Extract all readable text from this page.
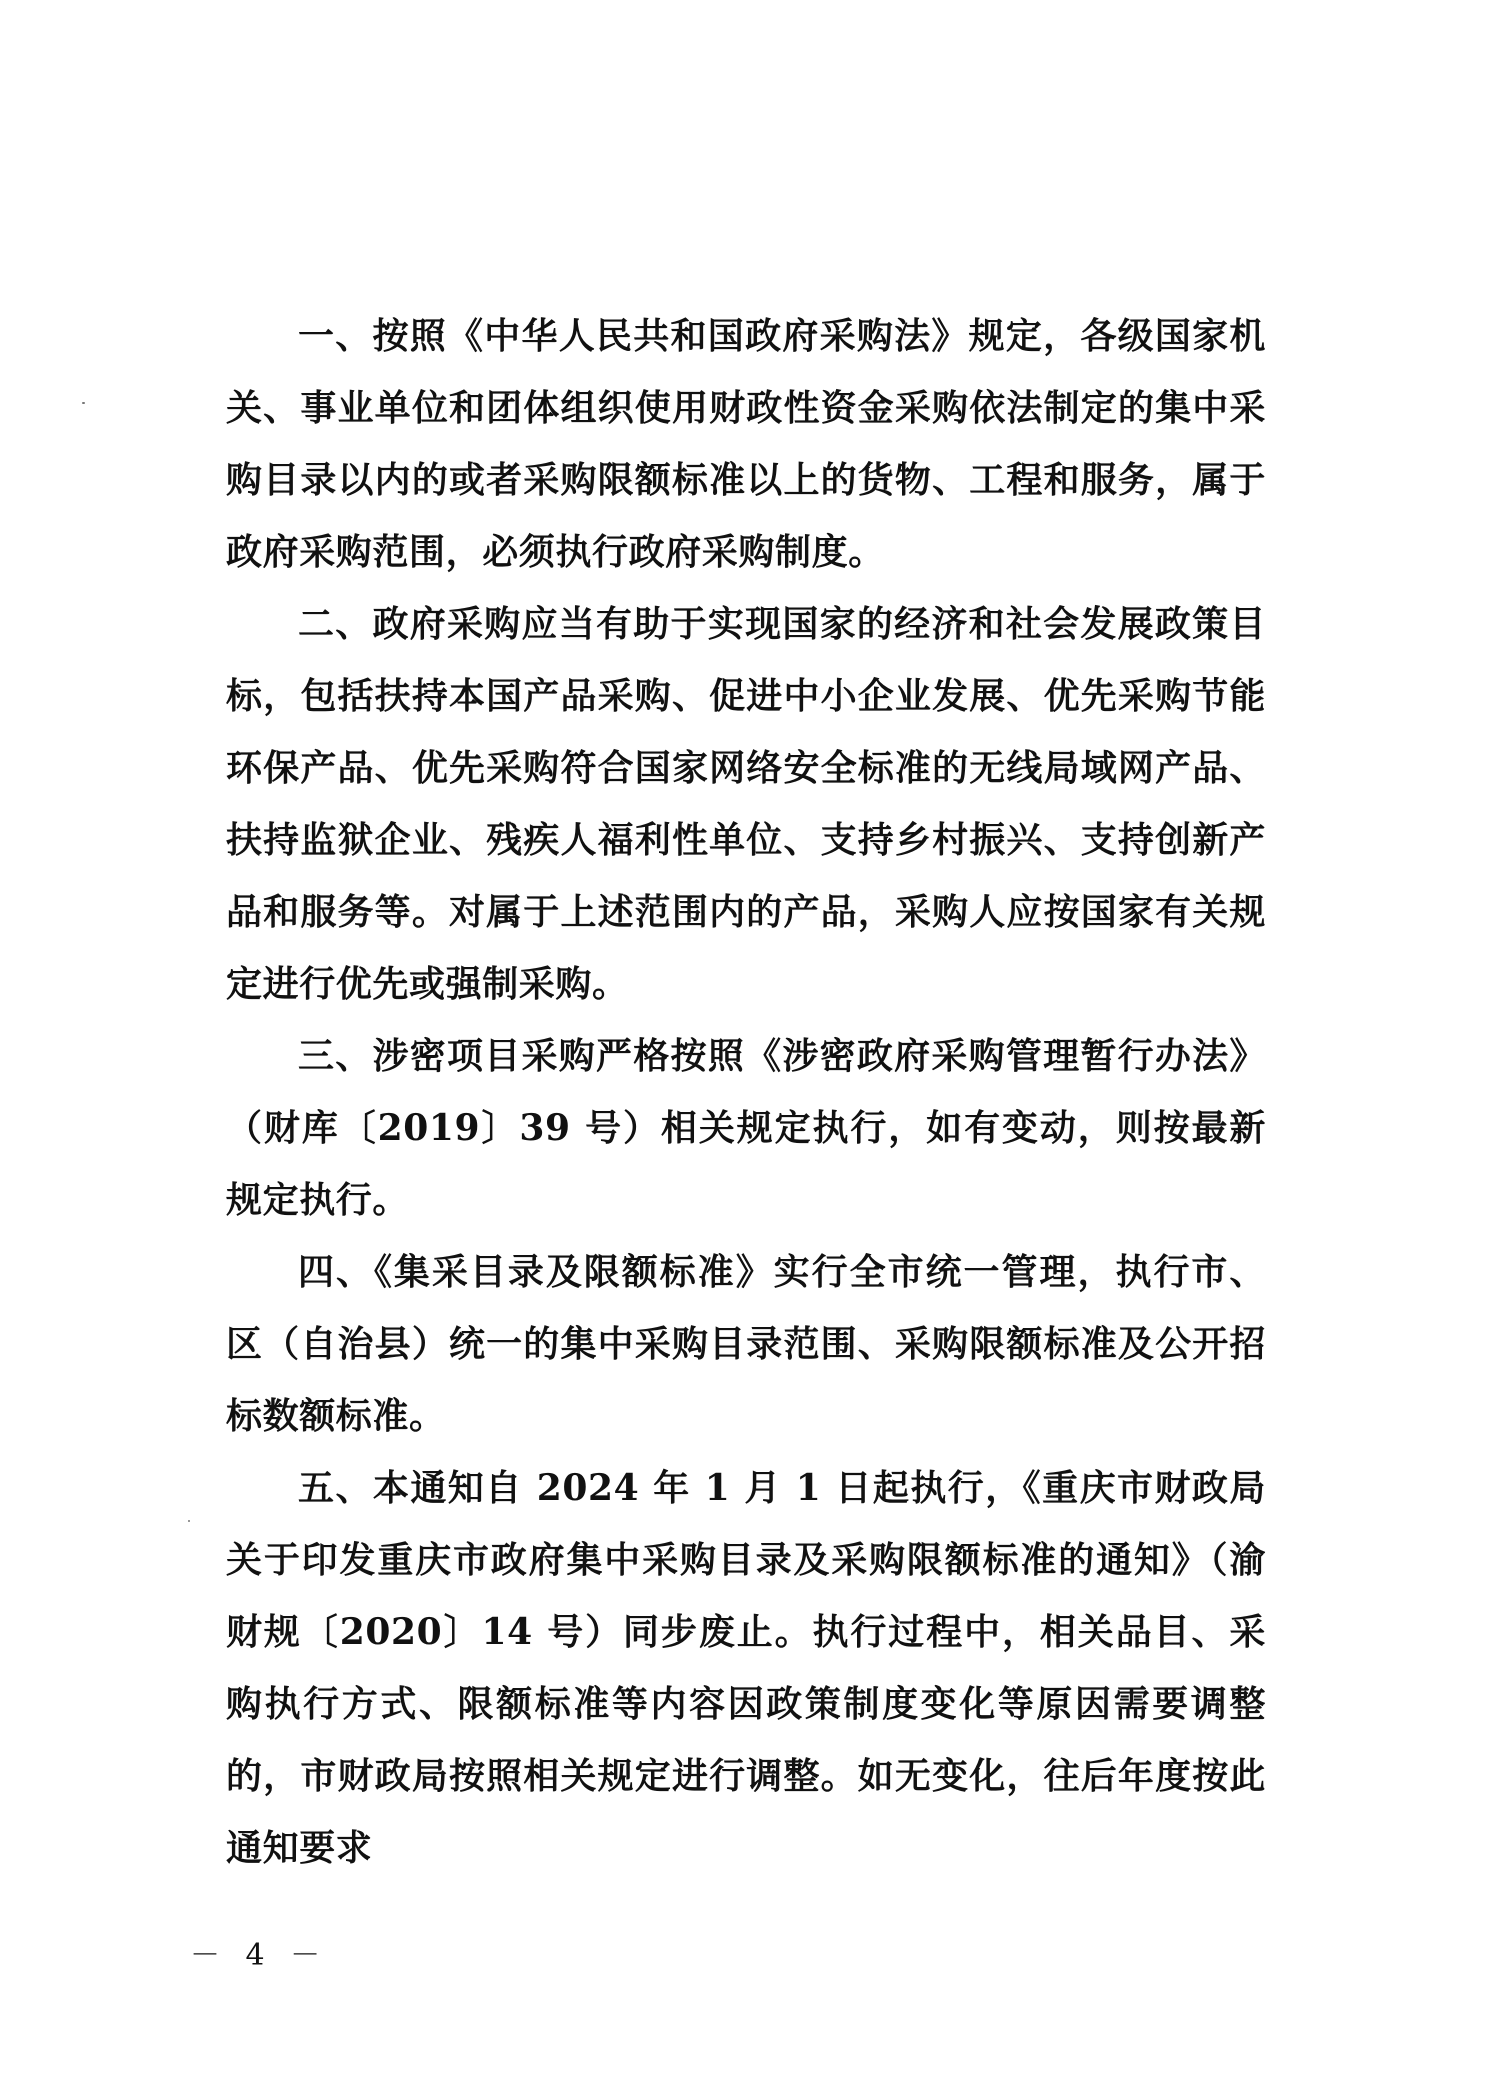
一、按照《中华人民共和国政府采购法》规定，各级国家机关、事业单位和团体组织使用财政性资金采购依法制定的集中采购目录以内的或者采购限额标准以上的货物、工程和服务，属于政府采购范围，必须执行政府采购制度。

二、政府采购应当有助于实现国家的经济和社会发展政策目标，包括扶持本国产品采购、促进中小企业发展、优先采购节能环保产品、优先采购符合国家网络安全标准的无线局域网产品、扶持监狱企业、残疾人福利性单位、支持乡村振兴、支持创新产品和服务等。对属于上述范围内的产品，采购人应按国家有关规定进行优先或强制采购。

三、涉密项目采购严格按照《涉密政府采购管理暂行办法》（财库〔2019〕39 号）相关规定执行，如有变动，则按最新规定执行。

四、《集采目录及限额标准》实行全市统一管理，执行市、区（自治县）统一的集中采购目录范围、采购限额标准及公开招标数额标准。

五、本通知自 2024 年 1 月 1 日起执行，《重庆市财政局关于印发重庆市政府集中采购目录及采购限额标准的通知》（渝财规〔2020〕14 号）同步废止。执行过程中，相关品目、采购执行方式、限额标准等内容因政策制度变化等原因需要调整的，市财政局按照相关规定进行调整。如无变化，往后年度按此通知要求

－ 4 －
